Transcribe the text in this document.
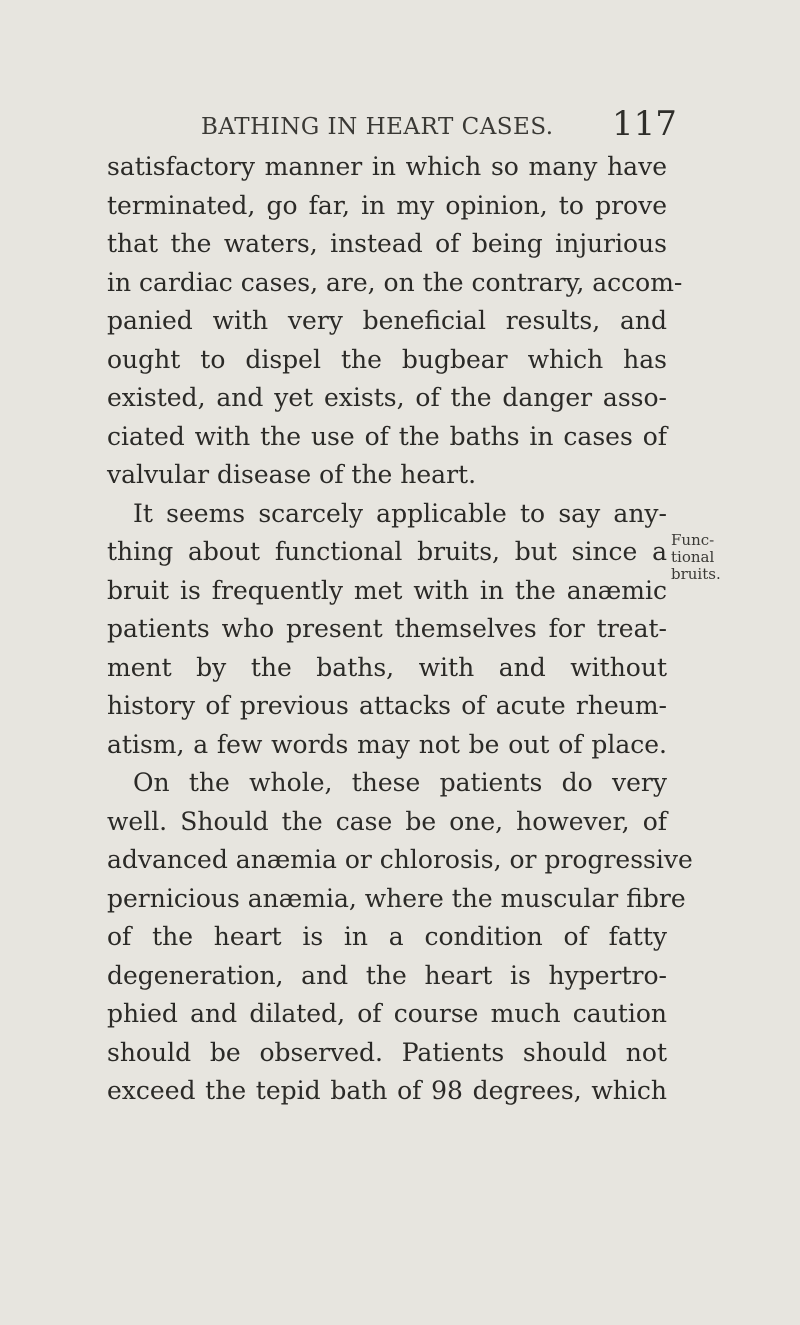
BATHING IN HEART CASES. 117
satisfactory manner in which so many have
terminated, go far, in my opinion, to prove
that the waters, instead of being injurious
in cardiac cases, are, on the contrary, accom-
panied with very beneficial results, and
ought to dispel the bugbear which has
existed, and yet exists, of the danger asso-
ciated with the use of the baths in cases of
valvular disease of the heart.
It seems scarcely applicable to say any-
thing about functional bruits, but since a
bruit is frequently met with in the anæmic
patients who present themselves for treat-
ment by the baths, with and without
history of previous attacks of acute rheum-
atism, a few words may not be out of place.
On the whole, these patients do very
well. Should the case be one, however, of
advanced anæmia or chlorosis, or progressive
pernicious anæmia, where the muscular fibre
of the heart is in a condition of fatty
degeneration, and the heart is hypertro-
phied and dilated, of course much caution
should be observed. Patients should not
exceed the tepid bath of 98 degrees, which
Func-
tional
bruits.
